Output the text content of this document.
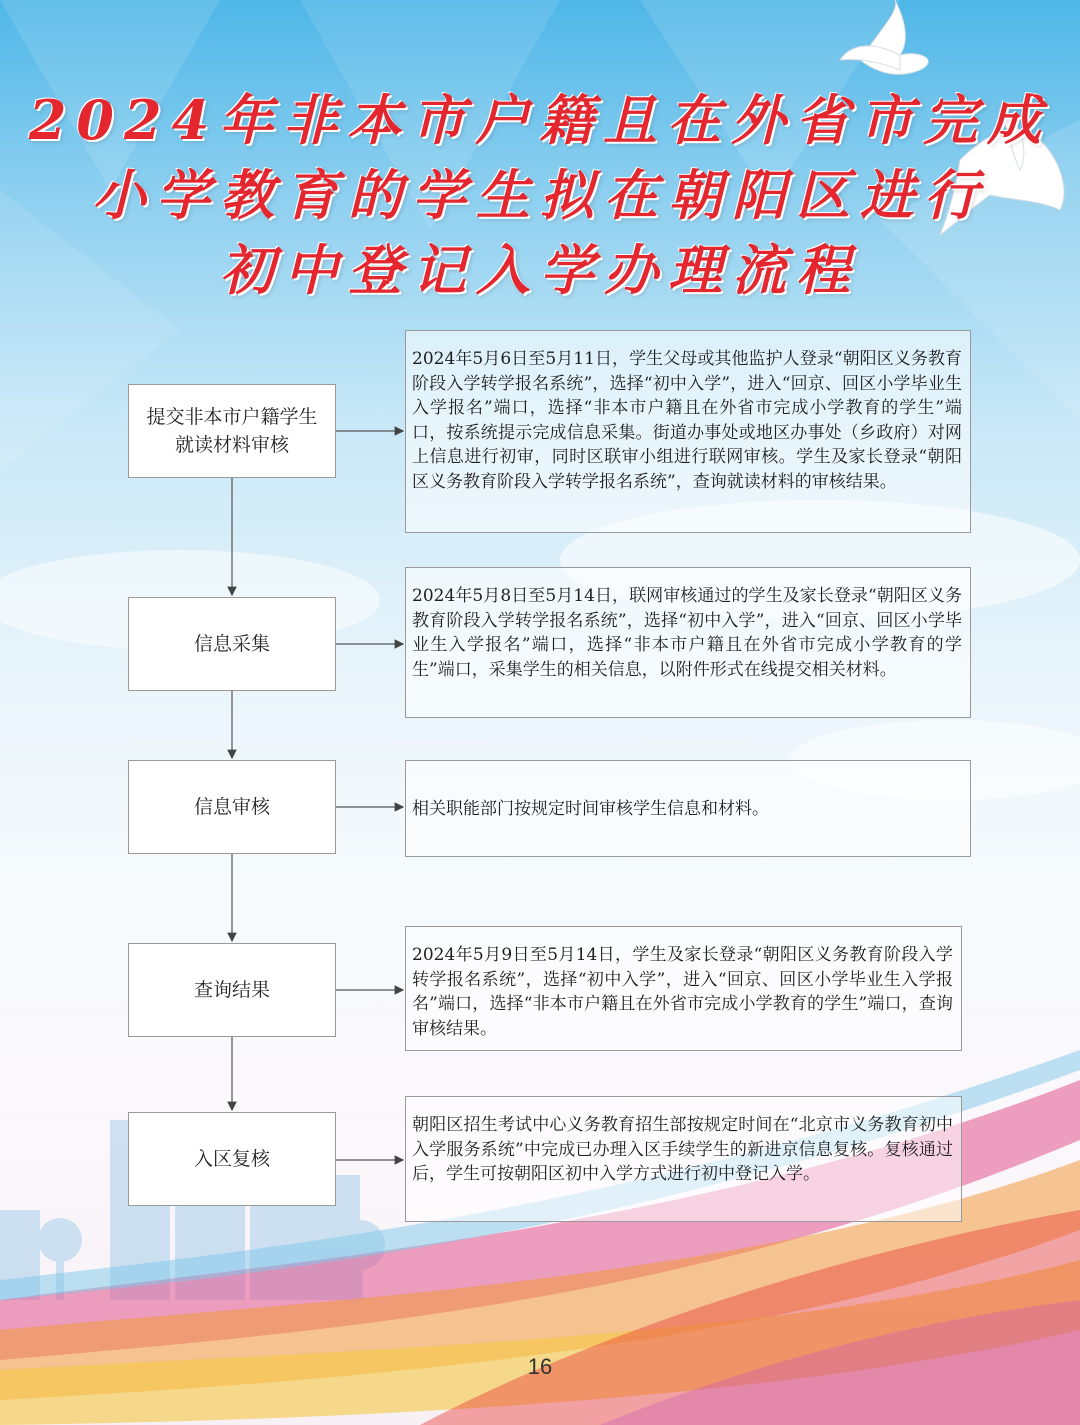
2024年非本市户籍且在外省市完成
小学教育的学生拟在朝阳区进行
初中登记入学办理流程
提交非本市户籍学生就读材料审核
信息采集
信息审核
查询结果
入区复核
2024年5月6日至5月11日，学生父母或其他监护人登录“朝阳区义务教育阶段入学转学报名系统”，选择“初中入学”，进入“回京、回区小学毕业生入学报名”端口，选择“非本市户籍且在外省市完成小学教育的学生”端口，按系统提示完成信息采集。街道办事处或地区办事处（乡政府）对网上信息进行初审，同时区联审小组进行联网审核。学生及家长登录“朝阳区义务教育阶段入学转学报名系统”，查询就读材料的审核结果。
2024年5月8日至5月14日，联网审核通过的学生及家长登录“朝阳区义务教育阶段入学转学报名系统”，选择“初中入学”，进入“回京、回区小学毕业生入学报名”端口，选择“非本市户籍且在外省市完成小学教育的学生”端口，采集学生的相关信息，以附件形式在线提交相关材料。
相关职能部门按规定时间审核学生信息和材料。
2024年5月9日至5月14日，学生及家长登录“朝阳区义务教育阶段入学转学报名系统”，选择“初中入学”，进入“回京、回区小学毕业生入学报名”端口，选择“非本市户籍且在外省市完成小学教育的学生”端口，查询审核结果。
朝阳区招生考试中心义务教育招生部按规定时间在“北京市义务教育初中入学服务系统”中完成已办理入区手续学生的新进京信息复核。复核通过后，学生可按朝阳区初中入学方式进行初中登记入学。
16
